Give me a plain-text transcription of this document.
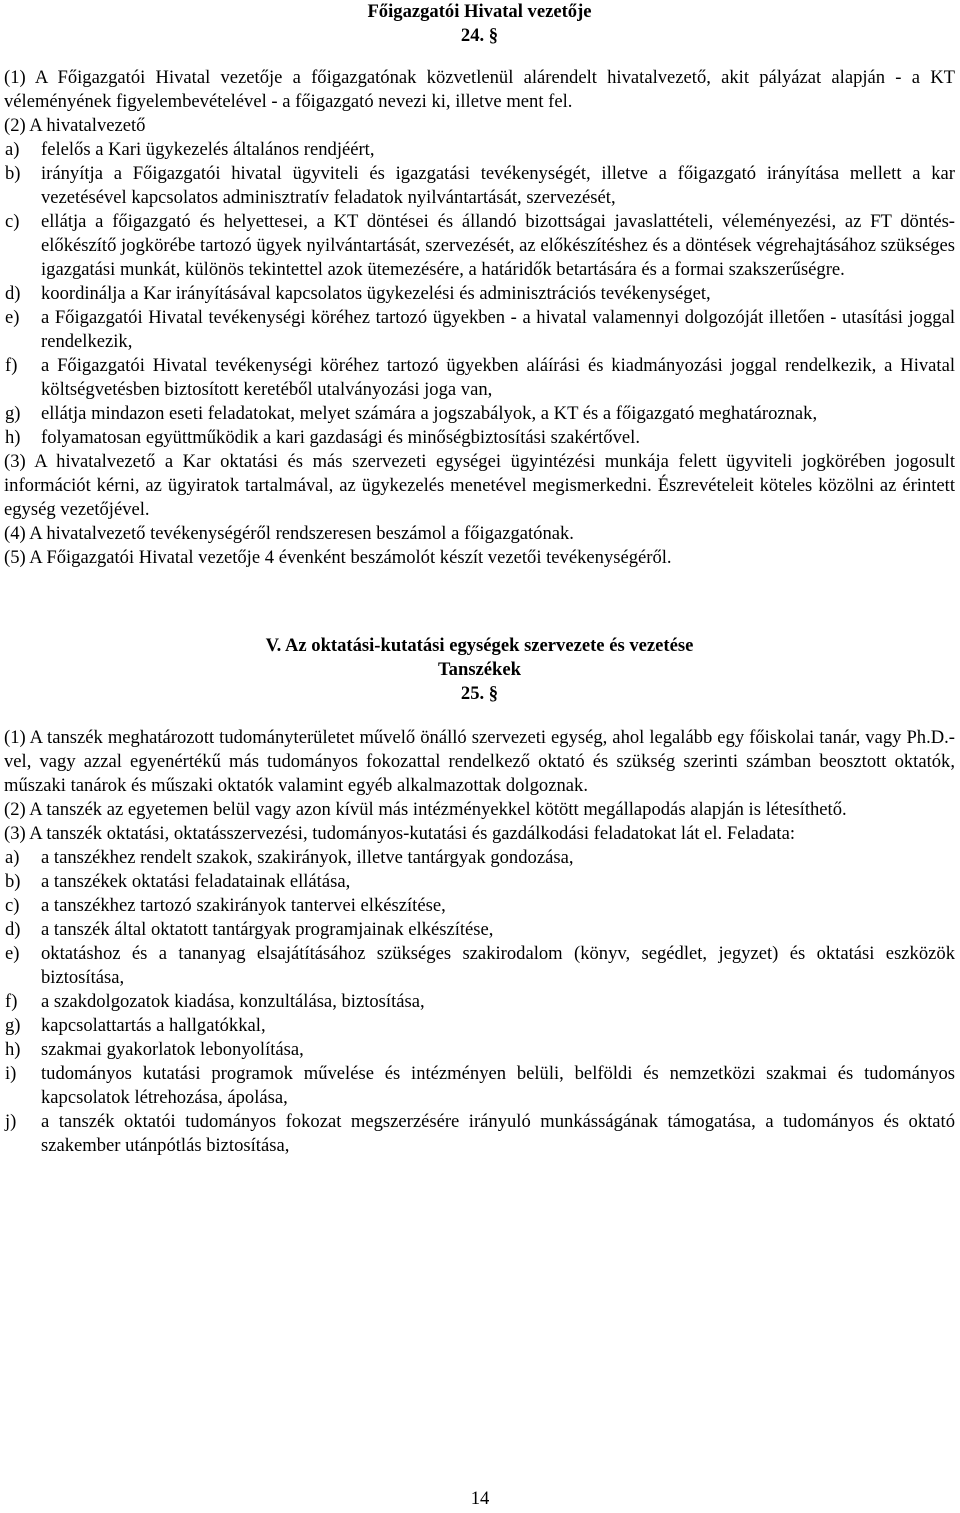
Főigazgatói Hivatal vezetője
24. §

(1) A Főigazgatói Hivatal vezetője a főigazgatónak közvetlenül alárendelt hivatalvezető, akit pályázat alapján - a KT véleményének figyelembevételével - a főigazgató nevezi ki, illetve ment fel.

(2) A hivatalvezető

a)	felelős a Kari ügykezelés általános rendjéért,
b)	irányítja a Főigazgatói hivatal ügyviteli és igazgatási tevékenységét, illetve a főigazgató irányítása mellett a kar vezetésével kapcsolatos adminisztratív feladatok nyilvántartását, szervezését,
c)	ellátja a főigazgató és helyettesei, a KT döntései és állandó bizottságai javaslattételi, véleményezési, az FT döntés-előkészítő jogkörébe tartozó ügyek nyilvántartását, szervezését, az előkészítéshez és a döntések végrehajtásához szükséges igazgatási munkát, különös tekintettel azok ütemezésére, a határidők betartására és a formai szakszerűségre.
d)	koordinálja a Kar irányításával kapcsolatos ügykezelési és adminisztrációs tevékenységet,
e)	a Főigazgatói Hivatal tevékenységi köréhez tartozó ügyekben - a hivatal valamennyi dolgozóját illetően - utasítási joggal rendelkezik,
f)	a Főigazgatói Hivatal tevékenységi köréhez tartozó ügyekben aláírási és kiadmányozási joggal rendelkezik, a Hivatal költségvetésben biztosított keretéből utalványozási joga van,
g)	ellátja mindazon eseti feladatokat, melyet számára a jogszabályok, a KT és a főigazgató meghatároznak,
h)	folyamatosan együttműködik a kari gazdasági és minőségbiztosítási szakértővel.

(3) A hivatalvezető a Kar oktatási és más szervezeti egységei ügyintézési munkája felett ügyviteli jogkörében jogosult információt kérni, az ügyiratok tartalmával, az ügykezelés menetével megismerkedni. Észrevételeit köteles közölni az érintett egység vezetőjével.

(4) A hivatalvezető tevékenységéről rendszeresen beszámol a főigazgatónak.

(5) A Főigazgatói Hivatal vezetője 4 évenként beszámolót készít vezetői tevékenységéről.

V. Az oktatási-kutatási egységek szervezete és vezetése
Tanszékek
25. §

(1) A tanszék meghatározott tudományterületet művelő önálló szervezeti egység, ahol legalább egy főiskolai tanár, vagy Ph.D.-vel, vagy azzal egyenértékű más tudományos fokozattal rendelkező oktató és szükség szerinti számban beosztott oktatók, műszaki tanárok és műszaki oktatók valamint egyéb alkalmazottak dolgoznak.

(2) A tanszék az egyetemen belül vagy azon kívül más intézményekkel kötött megállapodás alapján is létesíthető.

(3) A tanszék oktatási, oktatásszervezési, tudományos-kutatási és gazdálkodási feladatokat lát el. Feladata:

a)	a tanszékhez rendelt szakok, szakirányok, illetve tantárgyak gondozása,
b)	a tanszékek oktatási feladatainak ellátása,
c)	a tanszékhez tartozó szakirányok tantervei elkészítése,
d)	a tanszék által oktatott tantárgyak programjainak elkészítése,
e)	oktatáshoz és a tananyag elsajátításához szükséges szakirodalom (könyv, segédlet, jegyzet) és oktatási eszközök biztosítása,
f)	a szakdolgozatok kiadása, konzultálása, biztosítása,
g)	kapcsolattartás a hallgatókkal,
h)	szakmai gyakorlatok lebonyolítása,
i)	tudományos kutatási programok művelése és intézményen belüli, belföldi és nemzetközi szakmai és tudományos kapcsolatok létrehozása, ápolása,
j)	a tanszék oktatói tudományos fokozat megszerzésére irányuló munkásságának támogatása, a tudományos és oktató szakember utánpótlás biztosítása,
14
